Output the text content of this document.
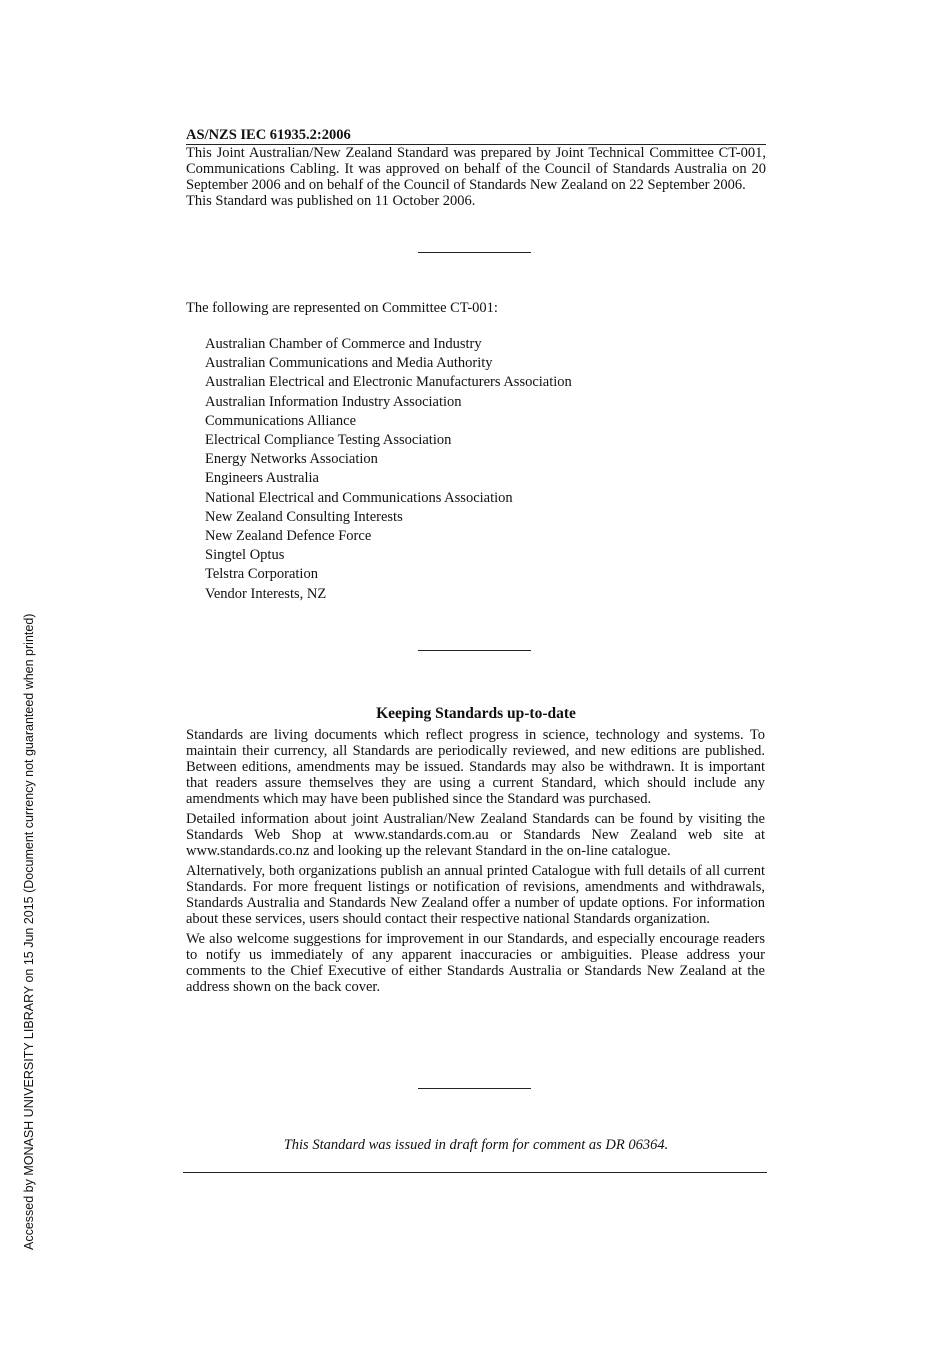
AS/NZS IEC 61935.2:2006

This Joint Australian/New Zealand Standard was prepared by Joint Technical Committee CT-001, Communications Cabling. It was approved on behalf of the Council of Standards Australia on 20 September 2006 and on behalf of the Council of Standards New Zealand on 22 September 2006.

This Standard was published on 11 October 2006.

The following are represented on Committee CT-001:

Australian Chamber of Commerce and Industry
Australian Communications and Media Authority
Australian Electrical and Electronic Manufacturers Association
Australian Information Industry Association
Communications Alliance
Electrical Compliance Testing Association
Energy Networks Association
Engineers Australia
National Electrical and Communications Association
New Zealand Consulting Interests
New Zealand Defence Force
Singtel Optus
Telstra Corporation
Vendor Interests, NZ
Keeping Standards up-to-date

Standards are living documents which reflect progress in science, technology and systems. To maintain their currency, all Standards are periodically reviewed, and new editions are published. Between editions, amendments may be issued. Standards may also be withdrawn. It is important that readers assure themselves they are using a current Standard, which should include any amendments which may have been published since the Standard was purchased.

Detailed information about joint Australian/New Zealand Standards can be found by visiting the Standards Web Shop at www.standards.com.au or Standards New Zealand web site at www.standards.co.nz and looking up the relevant Standard in the on-line catalogue.

Alternatively, both organizations publish an annual printed Catalogue with full details of all current Standards. For more frequent listings or notification of revisions, amendments and withdrawals, Standards Australia and Standards New Zealand offer a number of update options. For information about these services, users should contact their respective national Standards organization.

We also welcome suggestions for improvement in our Standards, and especially encourage readers to notify us immediately of any apparent inaccuracies or ambiguities. Please address your comments to the Chief Executive of either Standards Australia or Standards New Zealand at the address shown on the back cover.

This Standard was issued in draft form for comment as DR 06364.

Accessed by MONASH UNIVERSITY LIBRARY on 15 Jun 2015 (Document currency not guaranteed when printed)
